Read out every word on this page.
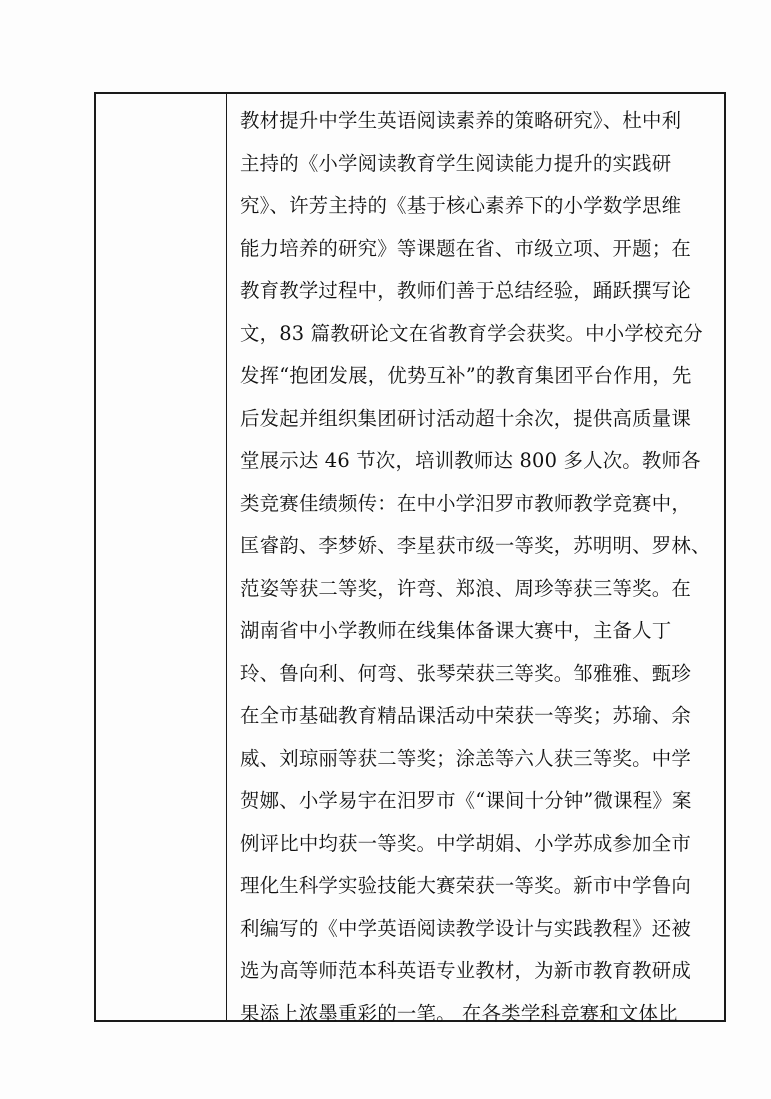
教材提升中学生英语阅读素养的策略研究》、杜中利
主持的《小学阅读教育学生阅读能力提升的实践研
究》、许芳主持的《基于核心素养下的小学数学思维
能力培养的研究》等课题在省、市级立项、开题；在
教育教学过程中，教师们善于总结经验，踊跃撰写论
文，83 篇教研论文在省教育学会获奖。中小学校充分
发挥“抱团发展，优势互补”的教育集团平台作用，先
后发起并组织集团研讨活动超十余次，提供高质量课
堂展示达 46 节次，培训教师达 800 多人次。教师各
类竞赛佳绩频传：在中小学汨罗市教师教学竞赛中，
匡睿韵、李梦娇、李星获市级一等奖，苏明明、罗林、
范姿等获二等奖，许弯、郑浪、周珍等获三等奖。在
湖南省中小学教师在线集体备课大赛中，主备人丁
玲、鲁向利、何弯、张琴荣获三等奖。邹雅雅、甄珍
在全市基础教育精品课活动中荣获一等奖；苏瑜、余
威、刘琼丽等获二等奖；涂恙等六人获三等奖。中学
贺娜、小学易宇在汨罗市《“课间十分钟”微课程》案
例评比中均获一等奖。中学胡娟、小学苏成参加全市
理化生科学实验技能大赛荣获一等奖。新市中学鲁向
利编写的《中学英语阅读教学设计与实践教程》还被
选为高等师范本科英语专业教材，为新市教育教研成
果添上浓墨重彩的一笔。 在各类学科竞赛和文体比
